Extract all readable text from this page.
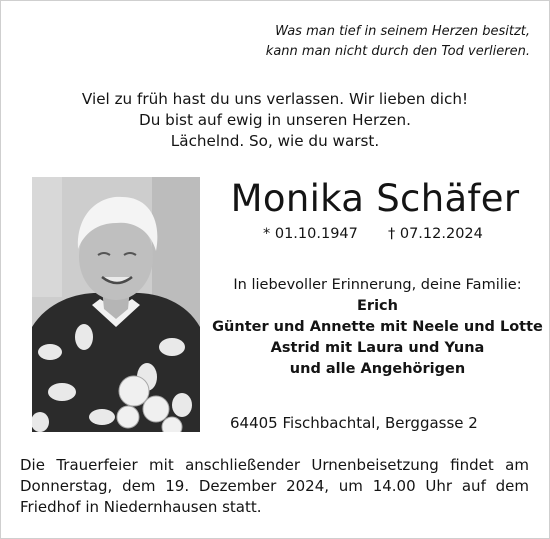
Was man tief in seinem Herzen besitzt,
kann man nicht durch den Tod verlieren.
Viel zu früh hast du uns verlassen. Wir lieben dich!
Du bist auf ewig in unseren Herzen.
Lächelnd. So, wie du warst.
Monika Schäfer
* 01.10.1947 † 07.12.2024
In liebevoller Erinnerung, deine Familie:
Erich
Günter und Annette mit Neele und Lotte
Astrid mit Laura und Yuna
und alle Angehörigen
64405 Fischbachtal, Berggasse 2
Die Trauerfeier mit anschließender Urnenbeisetzung findet am Donnerstag, dem 19. Dezember 2024, um 14.00 Uhr auf dem Friedhof in Niedernhausen statt.
